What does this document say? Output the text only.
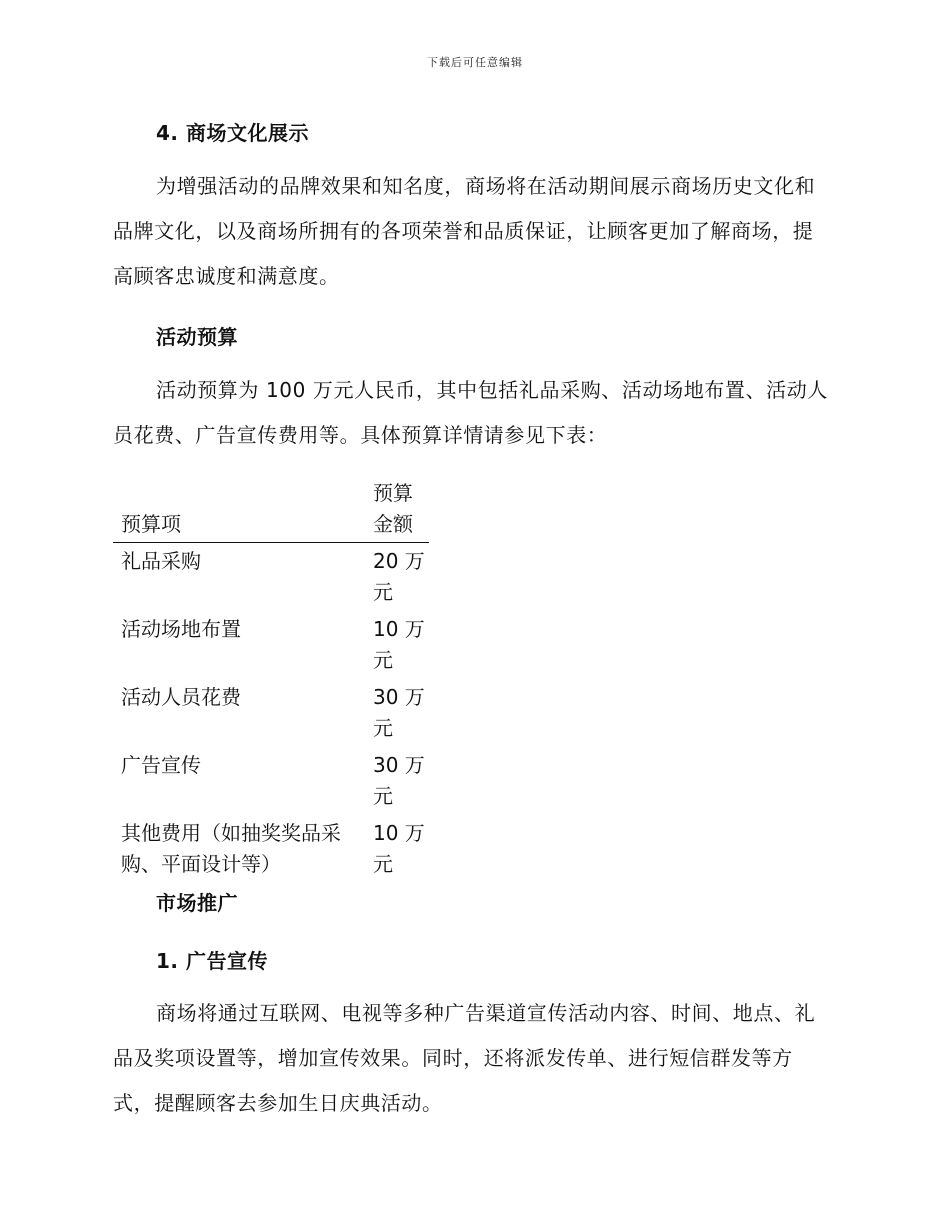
下载后可任意编辑
4. 商场文化展示

为增强活动的品牌效果和知名度，商场将在活动期间展示商场历史文化和品牌文化，以及商场所拥有的各项荣誉和品质保证，让顾客更加了解商场，提高顾客忠诚度和满意度。

活动预算

活动预算为 100 万元人民币，其中包括礼品采购、活动场地布置、活动人员花费、广告宣传费用等。具体预算详情请参见下表：

预算项	预算金额
礼品采购	20 万元
活动场地布置	10 万元
活动人员花费	30 万元
广告宣传	30 万元
其他费用（如抽奖奖品采购、平面设计等）	10 万元
市场推广
1. 广告宣传

商场将通过互联网、电视等多种广告渠道宣传活动内容、时间、地点、礼品及奖项设置等，增加宣传效果。同时，还将派发传单、进行短信群发等方式，提醒顾客去参加生日庆典活动。
